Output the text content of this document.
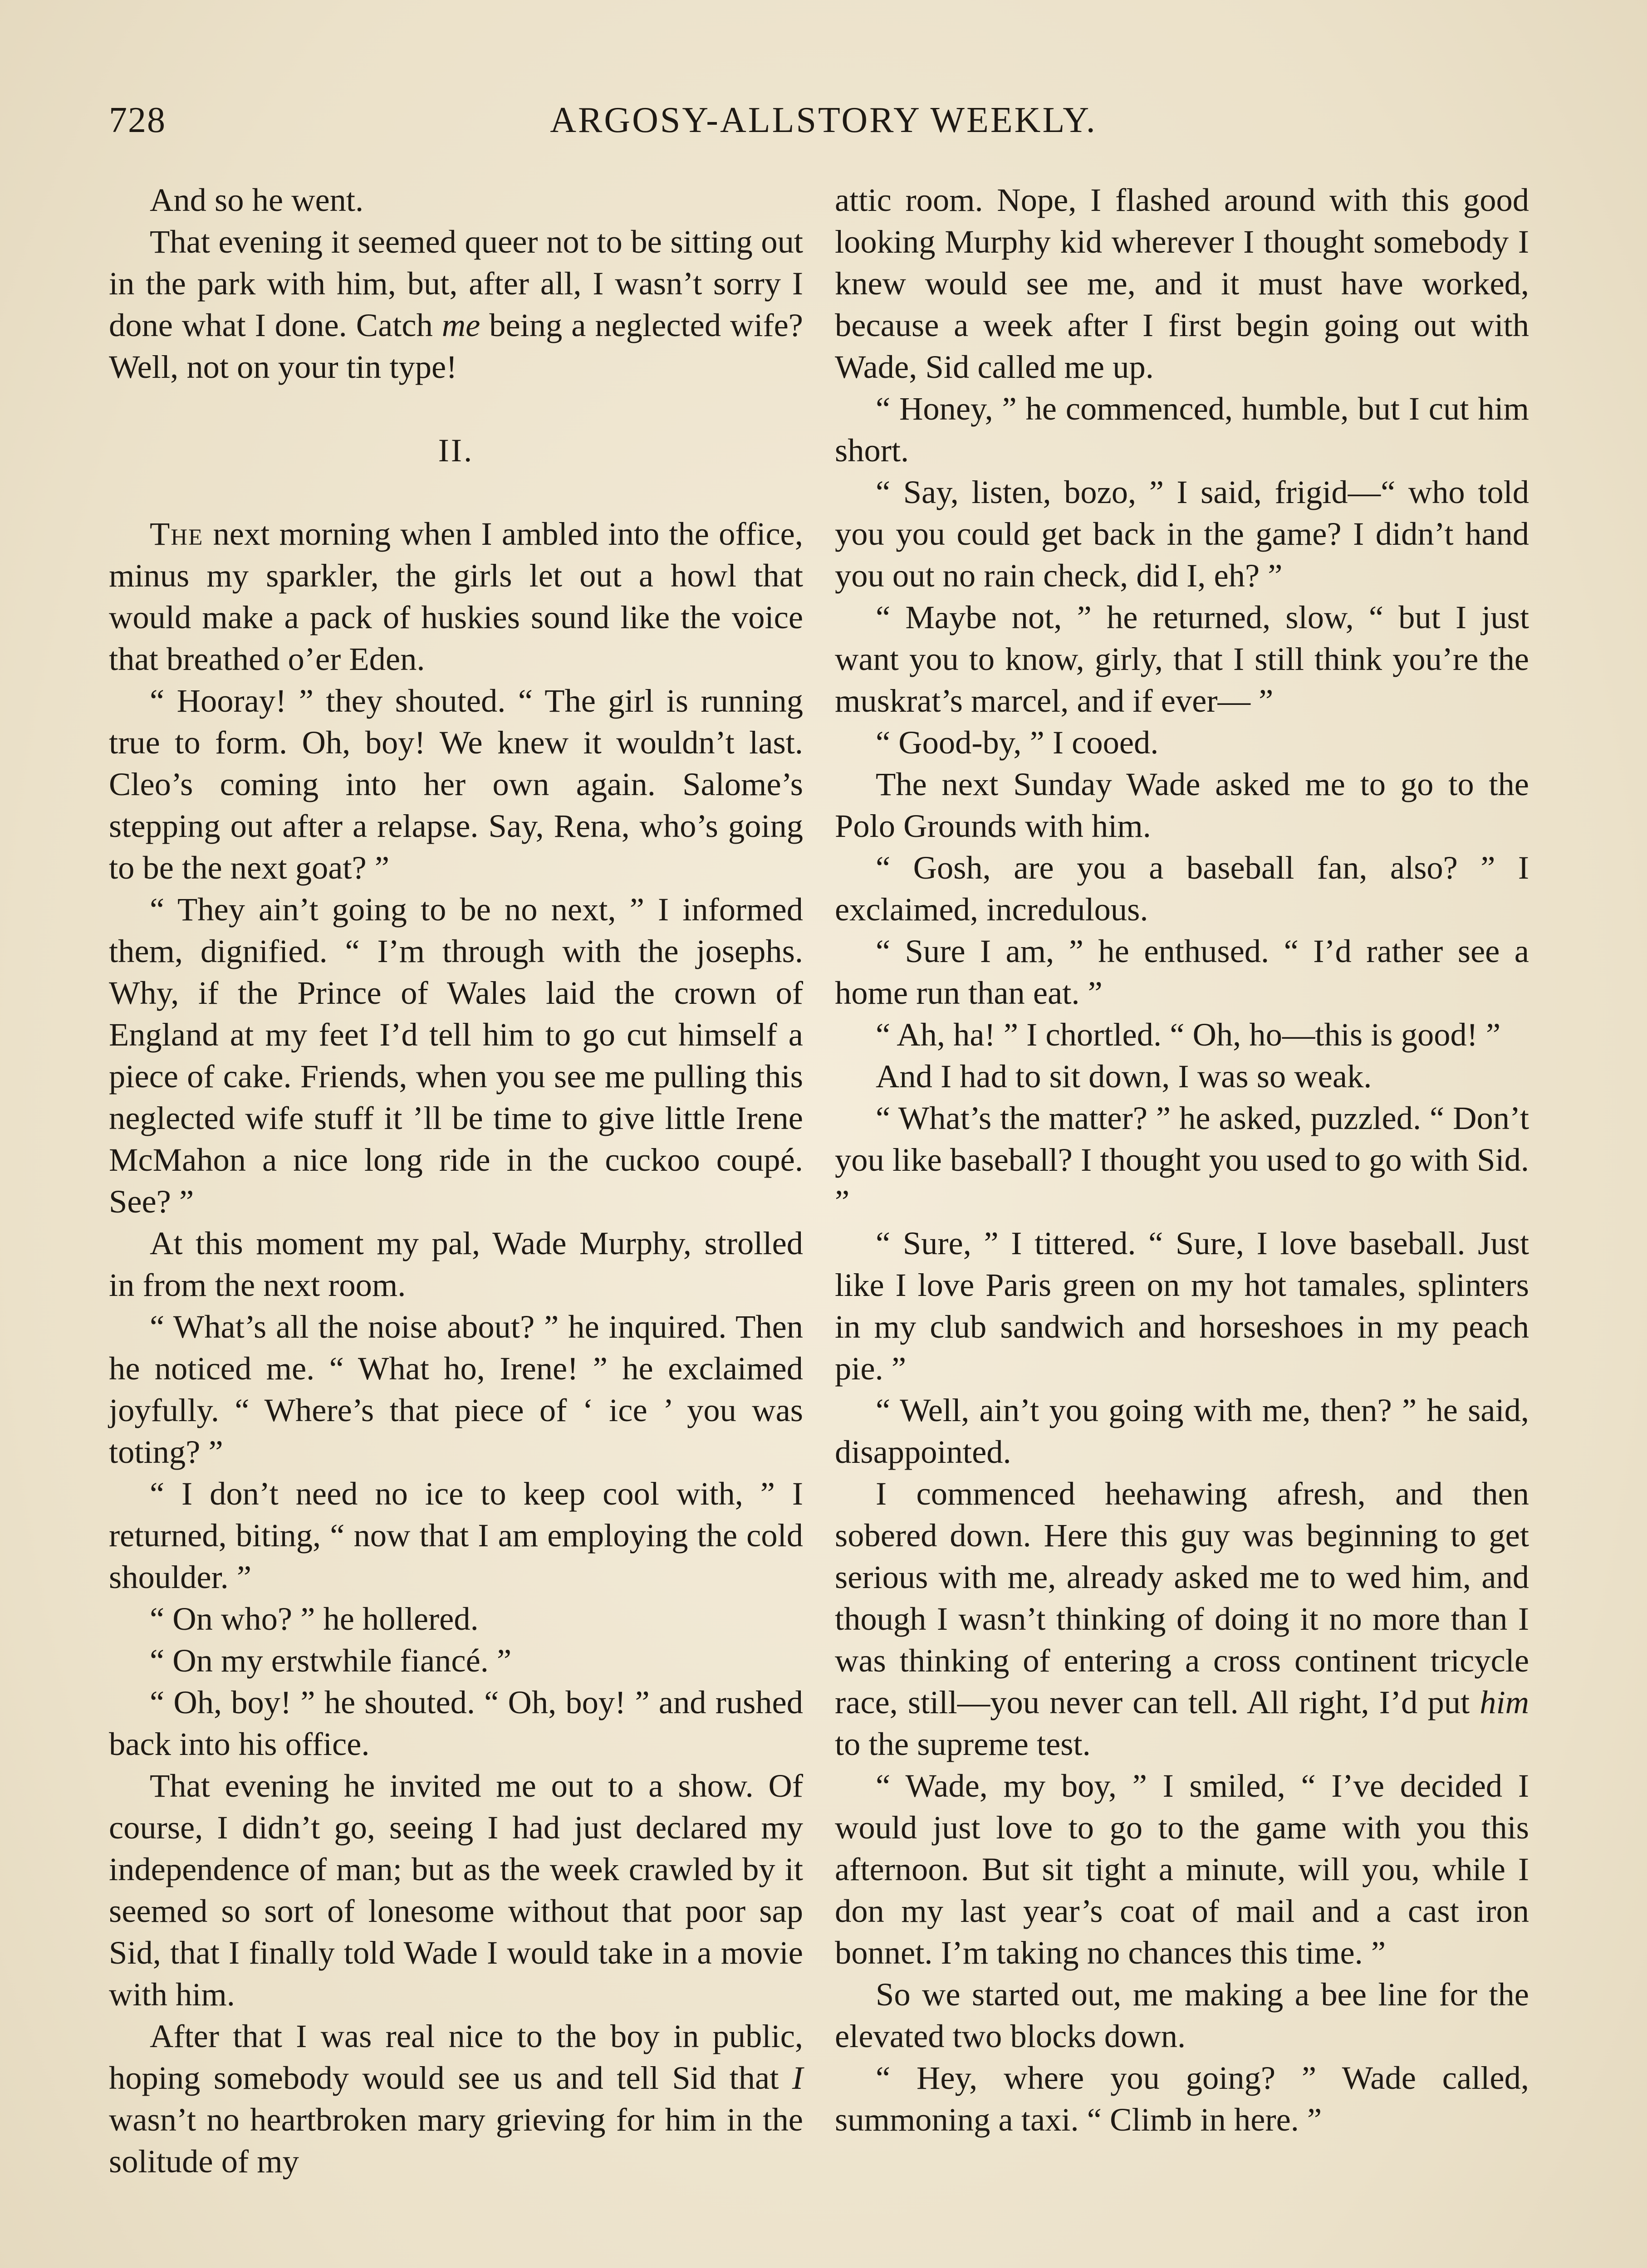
728	ARGOSY-ALLSTORY WEEKLY.

And so he went.

That evening it seemed queer not to be sitting out in the park with him, but, after all, I wasn’t sorry I done what I done. Catch me being a neglected wife? Well, not on your tin type!

II.

The next morning when I ambled into the office, minus my sparkler, the girls let out a howl that would make a pack of huskies sound like the voice that breathed o’er Eden.

“ Hooray! ” they shouted. “ The girl is running true to form. Oh, boy! We knew it wouldn’t last. Cleo’s coming into her own again. Salome’s stepping out after a relapse. Say, Rena, who’s going to be the next goat? ”

“ They ain’t going to be no next, ” I informed them, dignified. “ I’m through with the josephs. Why, if the Prince of Wales laid the crown of England at my feet I’d tell him to go cut himself a piece of cake. Friends, when you see me pulling this neglected wife stuff it ’ll be time to give little Irene McMahon a nice long ride in the cuckoo coupé. See? ”

At this moment my pal, Wade Murphy, strolled in from the next room.

“ What’s all the noise about? ” he inquired. Then he noticed me. “ What ho, Irene! ” he exclaimed joyfully. “ Where’s that piece of ‘ ice ’ you was toting? ”

“ I don’t need no ice to keep cool with, ” I returned, biting, “ now that I am employing the cold shoulder. ”

“ On who? ” he hollered.

“ On my erstwhile fiancé. ”

“ Oh, boy! ” he shouted. “ Oh, boy! ” and rushed back into his office.

That evening he invited me out to a show. Of course, I didn’t go, seeing I had just declared my independence of man; but as the week crawled by it seemed so sort of lonesome without that poor sap Sid, that I finally told Wade I would take in a movie with him.

After that I was real nice to the boy in public, hoping somebody would see us and tell Sid that I wasn’t no heartbroken mary grieving for him in the solitude of my

attic room. Nope, I flashed around with this good looking Murphy kid wherever I thought somebody I knew would see me, and it must have worked, because a week after I first begin going out with Wade, Sid called me up.

“ Honey, ” he commenced, humble, but I cut him short.

“ Say, listen, bozo, ” I said, frigid—“ who told you you could get back in the game? I didn’t hand you out no rain check, did I, eh? ”

“ Maybe not, ” he returned, slow, “ but I just want you to know, girly, that I still think you’re the muskrat’s marcel, and if ever— ”

“ Good-by, ” I cooed.

The next Sunday Wade asked me to go to the Polo Grounds with him.

“ Gosh, are you a baseball fan, also? ” I exclaimed, incredulous.

“ Sure I am, ” he enthused. “ I’d rather see a home run than eat. ”

“ Ah, ha! ” I chortled. “ Oh, ho—this is good! ”

And I had to sit down, I was so weak.

“ What’s the matter? ” he asked, puzzled. “ Don’t you like baseball? I thought you used to go with Sid. ”

“ Sure, ” I tittered. “ Sure, I love baseball. Just like I love Paris green on my hot tamales, splinters in my club sandwich and horseshoes in my peach pie. ”

“ Well, ain’t you going with me, then? ” he said, disappointed.

I commenced heehawing afresh, and then sobered down. Here this guy was beginning to get serious with me, already asked me to wed him, and though I wasn’t thinking of doing it no more than I was thinking of entering a cross continent tricycle race, still—you never can tell. All right, I’d put him to the supreme test.

“ Wade, my boy, ” I smiled, “ I’ve decided I would just love to go to the game with you this afternoon. But sit tight a minute, will you, while I don my last year’s coat of mail and a cast iron bonnet. I’m taking no chances this time. ”

So we started out, me making a bee line for the elevated two blocks down.

“ Hey, where you going? ” Wade called, summoning a taxi. “ Climb in here. ”
